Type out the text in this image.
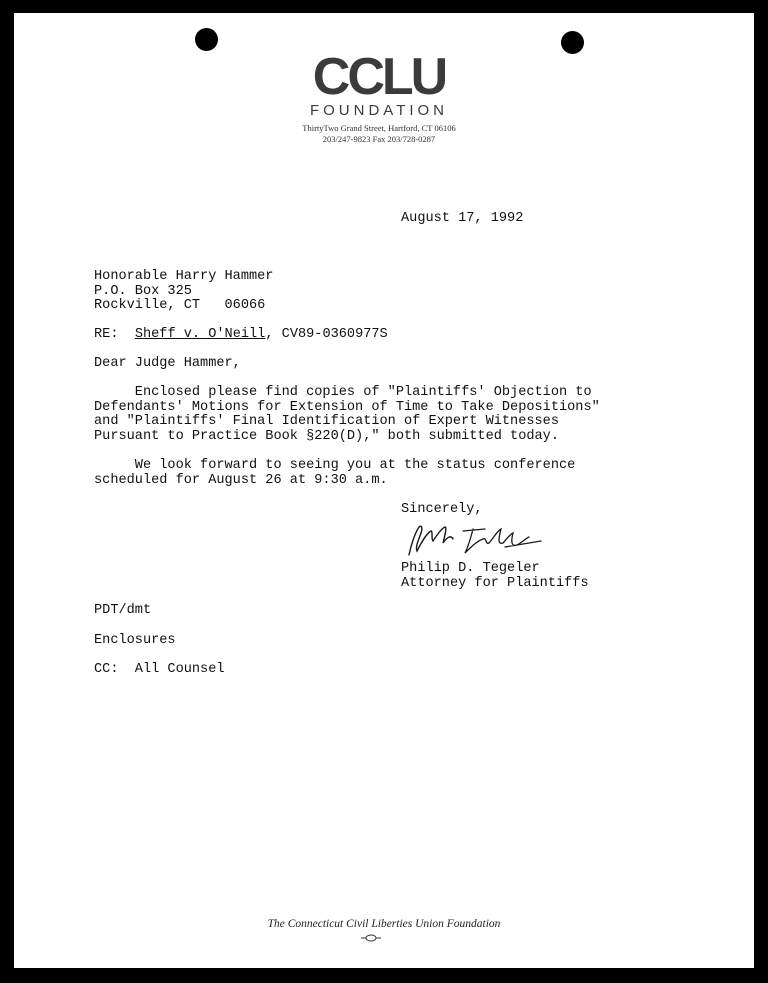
CCLU
FOUNDATION
ThirtyTwo Grand Street, Hartford, CT 06106
203/247-9823 Fax 203/728-0287
August 17, 1992
Honorable Harry Hammer
P.O. Box 325
Rockville, CT   06066
RE: Sheff v. O'Neill, CV89-0360977S
Dear Judge Hammer,
Enclosed please find copies of "Plaintiffs' Objection to
Defendants' Motions for Extension of Time to Take Depositions"
and "Plaintiffs' Final Identification of Expert Witnesses
Pursuant to Practice Book §220(D)," both submitted today.
We look forward to seeing you at the status conference
scheduled for August 26 at 9:30 a.m.
Sincerely,
Philip D. Tegeler
Attorney for Plaintiffs
PDT/dmt
Enclosures
CC:  All Counsel
The Connecticut Civil Liberties Union Foundation
